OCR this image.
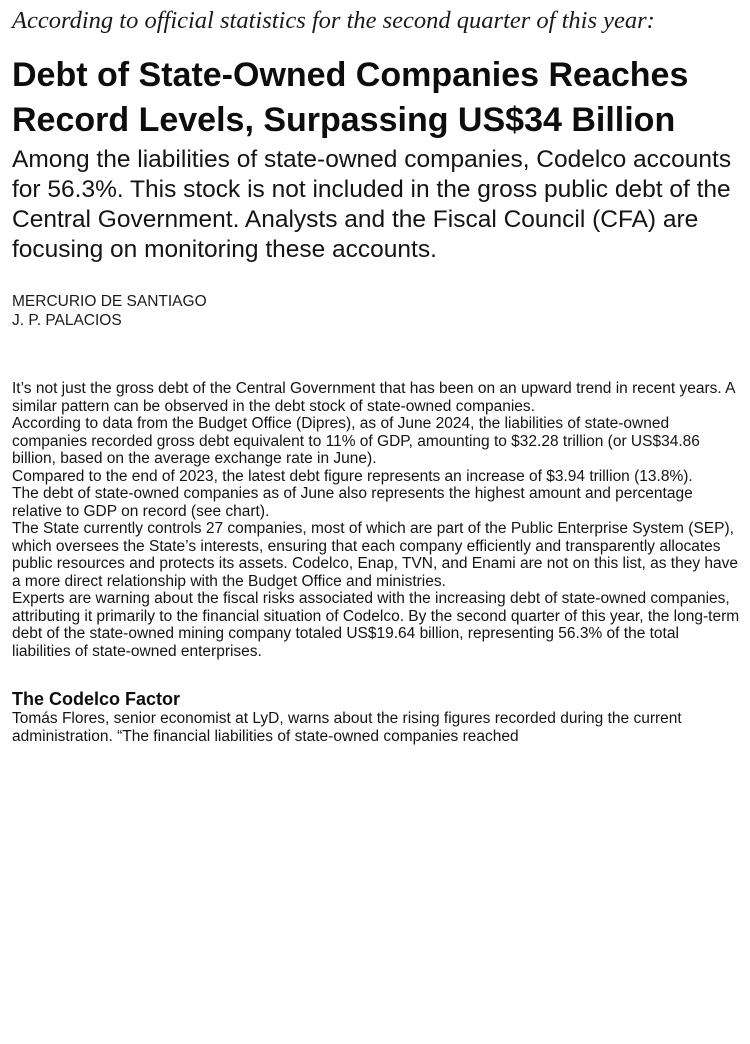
According to official statistics for the second quarter of this year:
Debt of State-Owned Companies Reaches Record Levels, Surpassing US$34 Billion
Among the liabilities of state-owned companies, Codelco accounts for 56.3%. This stock is not included in the gross public debt of the Central Government. Analysts and the Fiscal Council (CFA) are focusing on monitoring these accounts.
MERCURIO DE SANTIAGO
J. P. PALACIOS

It’s not just the gross debt of the Central Government that has been on an upward trend in recent years. A similar pattern can be observed in the debt stock of state-owned companies.

According to data from the Budget Office (Dipres), as of June 2024, the liabilities of state-owned companies recorded gross debt equivalent to 11% of GDP, amounting to $32.28 trillion (or US$34.86 billion, based on the average exchange rate in June).

Compared to the end of 2023, the latest debt figure represents an increase of $3.94 trillion (13.8%).

The debt of state-owned companies as of June also represents the highest amount and percentage relative to GDP on record (see chart).

The State currently controls 27 companies, most of which are part of the Public Enterprise System (SEP), which oversees the State’s interests, ensuring that each company efficiently and transparently allocates public resources and protects its assets. Codelco, Enap, TVN, and Enami are not on this list, as they have a more direct relationship with the Budget Office and ministries.

Experts are warning about the fiscal risks associated with the increasing debt of state-owned companies, attributing it primarily to the financial situation of Codelco. By the second quarter of this year, the long-term debt of the state-owned mining company totaled US$19.64 billion, representing 56.3% of the total liabilities of state-owned enterprises.

The Codelco Factor

Tomás Flores, senior economist at LyD, warns about the rising figures recorded during the current administration. “The financial liabilities of state-owned companies reached
